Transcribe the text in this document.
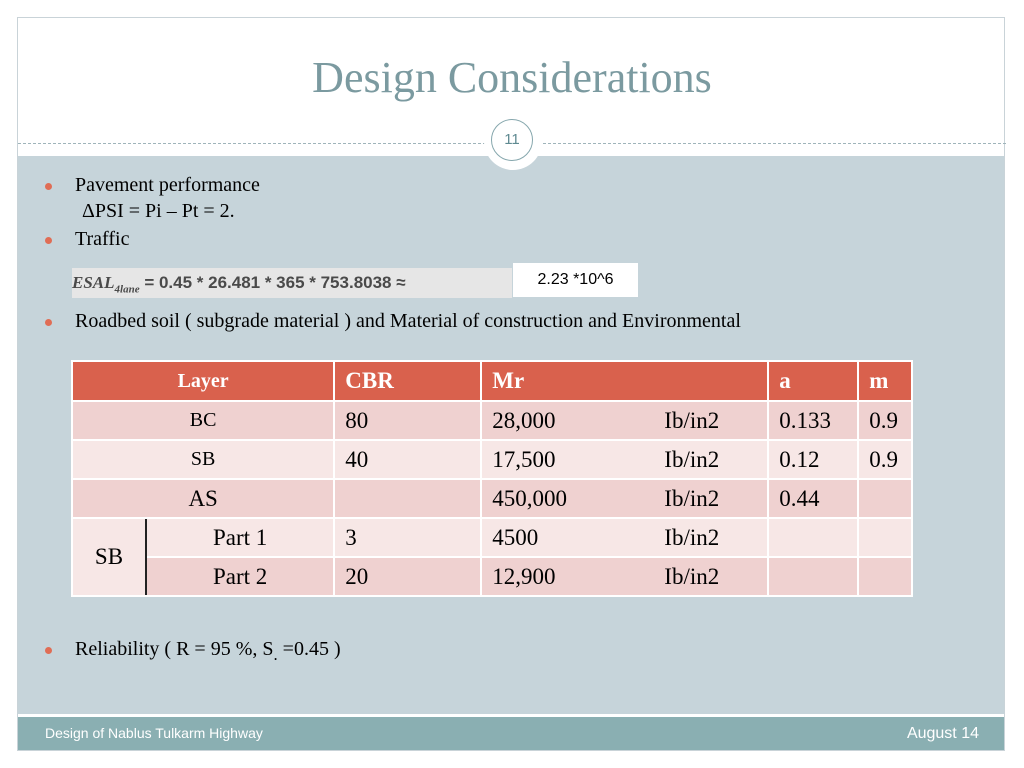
Design Considerations
11
Pavement performance
ΔPSI = Pi – Pt = 2.
Traffic
$ESAL_{4lane} = 0.45 * 26.481 * 365 * 753.8038$ ≈	2.23 *10^6
Roadbed soil ( subgrade material ) and Material of construction and Environmental
Layer		CBR	Mr	a	m
BC		80	28,000 Ib/in2	0.133	0.9
SB		40	17,500 Ib/in2	0.12	0.9
AS			450,000 Ib/in2	0.44	
SB	Part 1	3	4500 Ib/in2		
	Part 2	20	12,900 Ib/in2		
Reliability ( R = 95 %, $S_. =0.45$ )
Design of Nablus Tulkarm Highway	August 14
